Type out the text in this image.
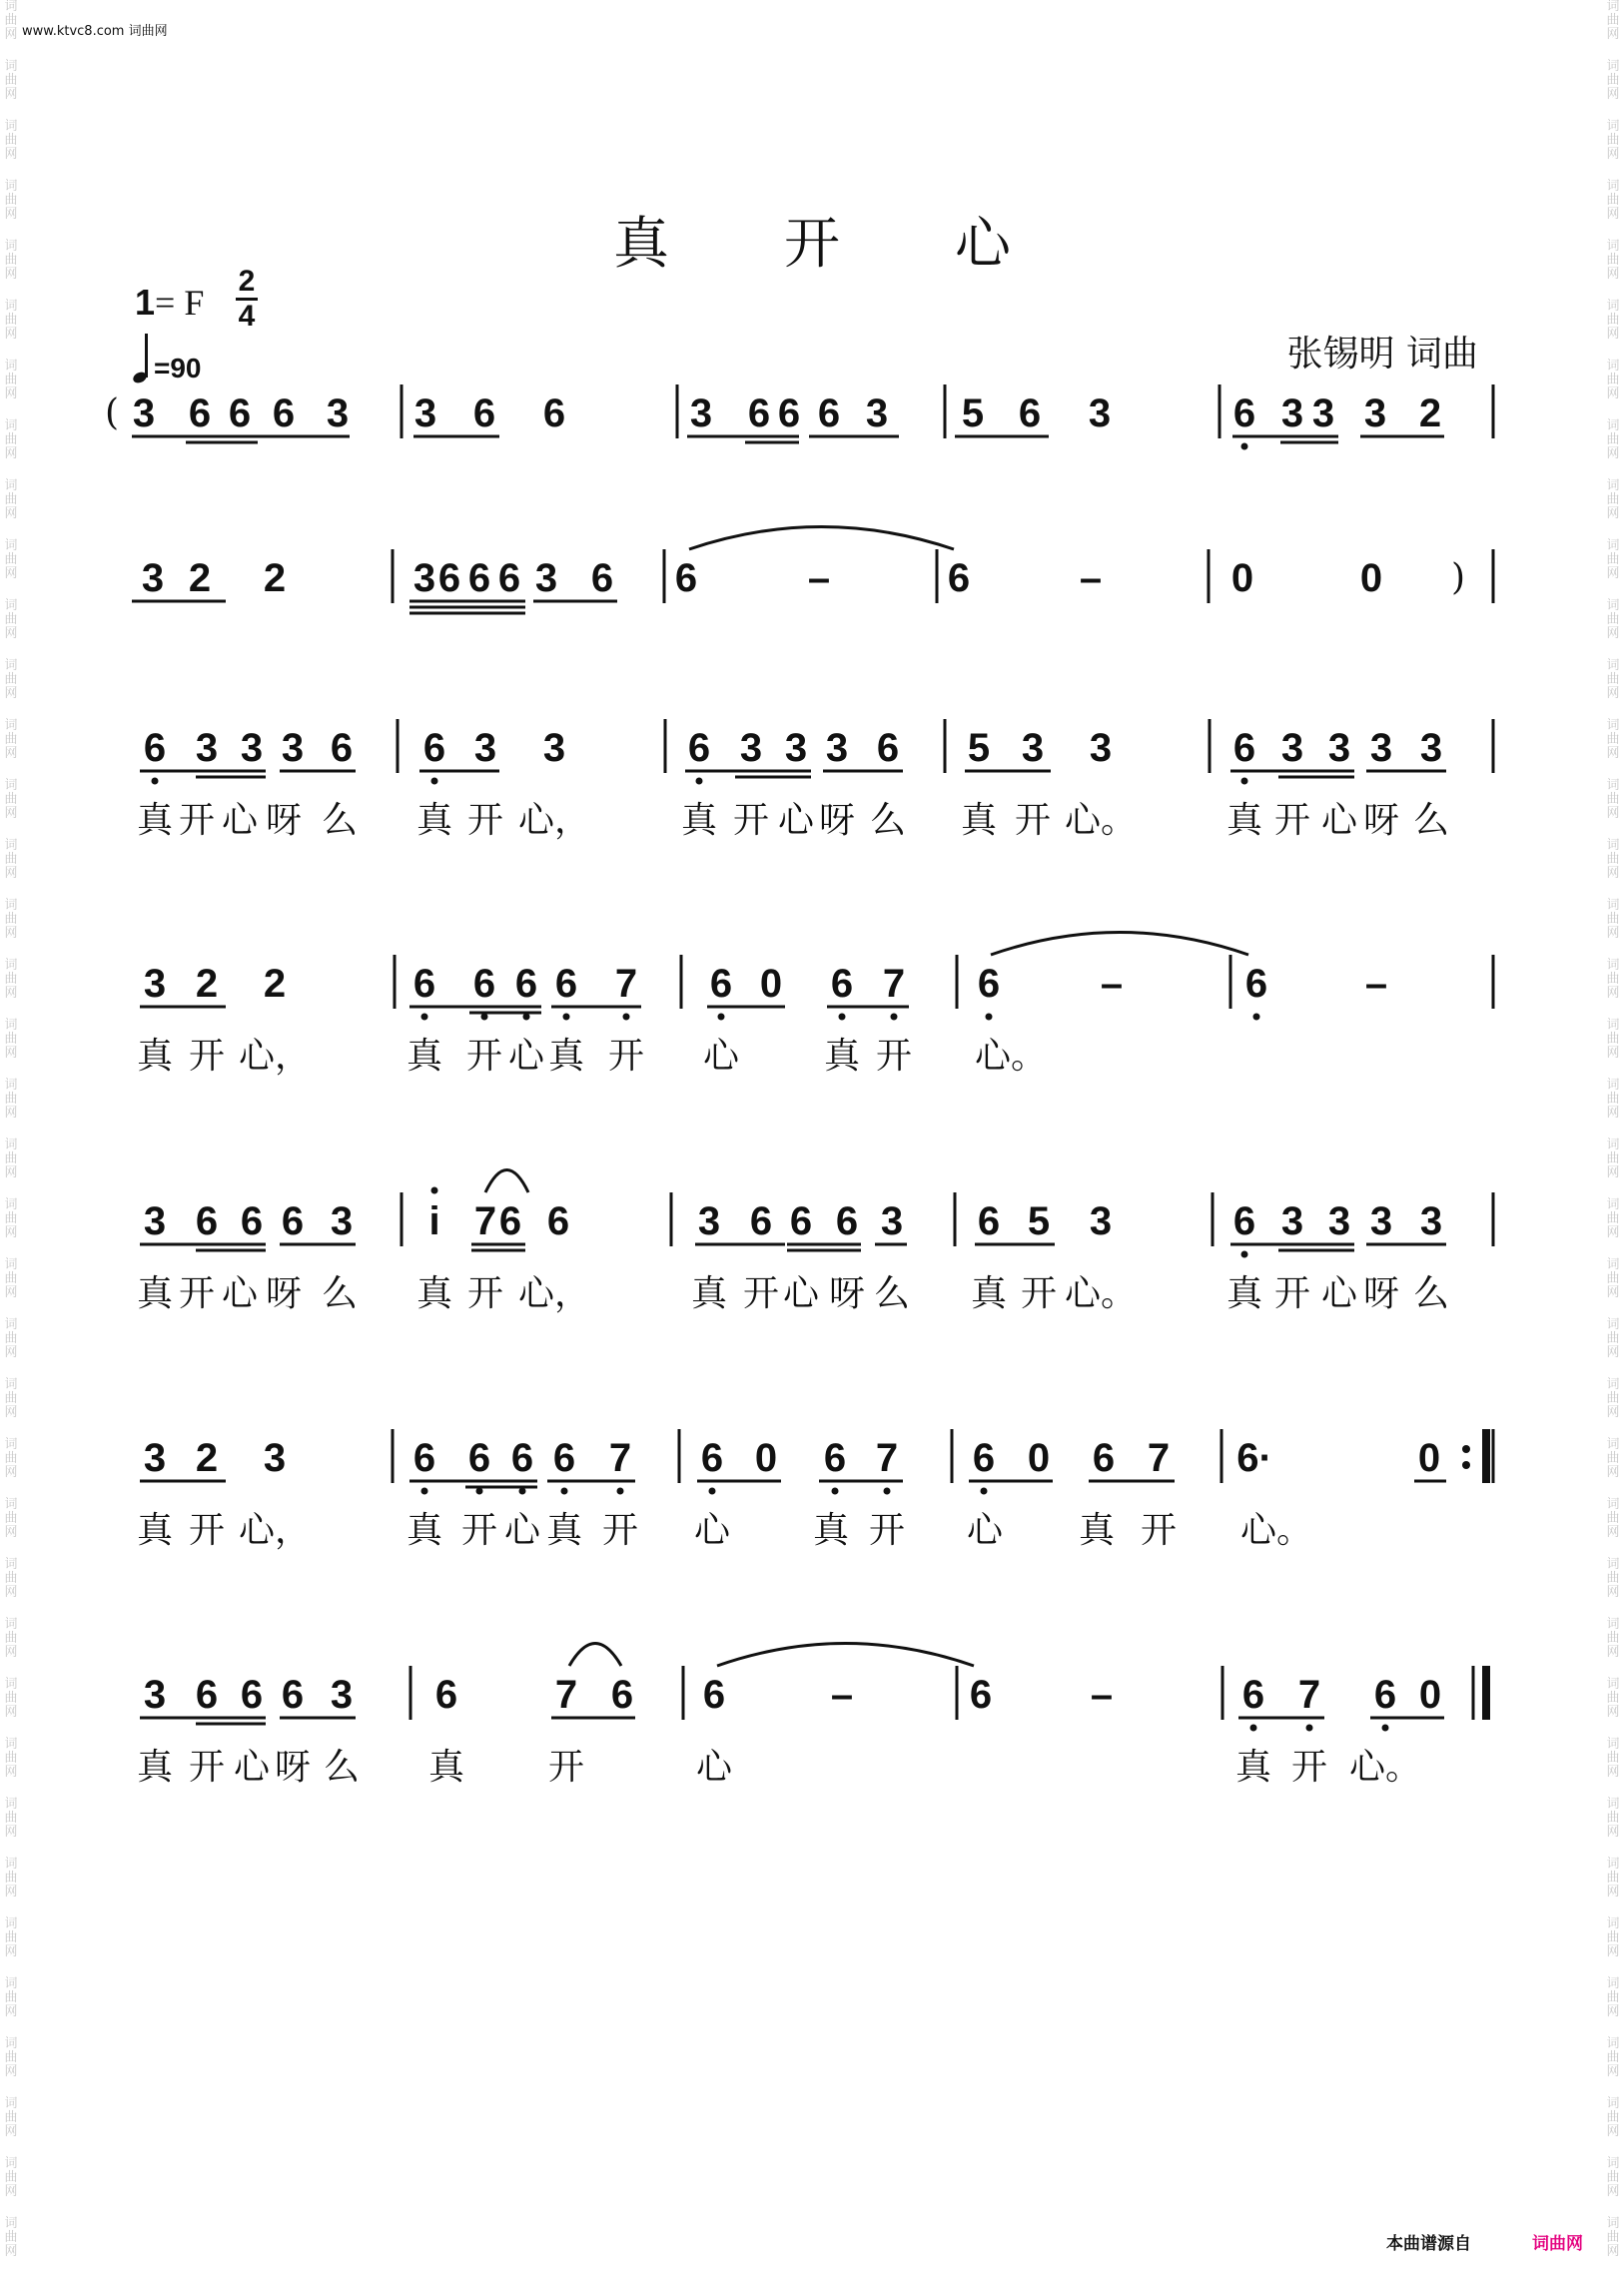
词
曲
网
词
曲
网
词
曲
网
词
曲
网
词
曲
网
词
曲
网
词
曲
网
词
曲
网
词
曲
网
词
曲
网
词
曲
网
词
曲
网
词
曲
网
词
曲
网
词
曲
网
词
曲
网
词
曲
网
词
曲
网
词
曲
网
词
曲
网
词
曲
网
词
曲
网
词
曲
网
词
曲
网
词
曲
网
词
曲
网
词
曲
网
词
曲
网
词
曲
网
词
曲
网
词
曲
网
词
曲
网
词
曲
网
词
曲
网
词
曲
网
词
曲
网
词
曲
网
词
曲
网
词
曲
网
词
曲
网
词
曲
网
词
曲
网
词
曲
网
词
曲
网
词
曲
网
词
曲
网
词
曲
网
词
曲
网
词
曲
网
词
曲
网
词
曲
网
词
曲
网
词
曲
网
词
曲
网
词
曲
网
词
曲
网
词
曲
网
词
曲
网
词
曲
网
词
曲
网
词
曲
网
词
曲
网
词
曲
网
词
曲
网
词
曲
网
词
曲
网
词
曲
网
词
曲
网
词
曲
网
词
曲
网
词
曲
网
词
曲
网
词
曲
网
词
曲
网
词
曲
网
词
曲
网
www.ktvc8.com 词曲网
真开心
1= F
2
4
=90	张锡明 词曲
( 3 6 6 6 3 3 6 6	3 6 6 6 3 5 6 3	6 3 3 3 2
3 2 2	3 6 6 6 3 6 6	–	6	–	0	0 )
6 3 3 3 6 6 3 3	6 3 3 3 6 5 3 3	6 3 3 3 3
真 开 心 呀 么 真 开 心，	真 开 心 呀 么 真 开 心。 真 开 心 呀 么
3 2 2	6 6 6 6 7 6 0 6 7 6	–	6 –
真 开 心，	真 开 心 真 开 心 真 开 心。
3 6 6 6 3 i 7 6 6	3 6 6 6 3 6 5 3	6 3 3 3 3
真 开 心 呀 么 真 开 心，	真 开 心 呀 么 真 开 心。 真 开 心 呀 么
3 2 3	6 6 6 6 7 6 0 6 7 6 0 6 7 6·	0
真 开 心，	真 开 心 真 开 心 真 开 心 真 开 心。
3 6 6 6 3 6 7 6 6	–	6 –	6 7 6 0
真 开 心 呀 么 真 开	心	真 开 心。
本曲谱源自	词曲网
